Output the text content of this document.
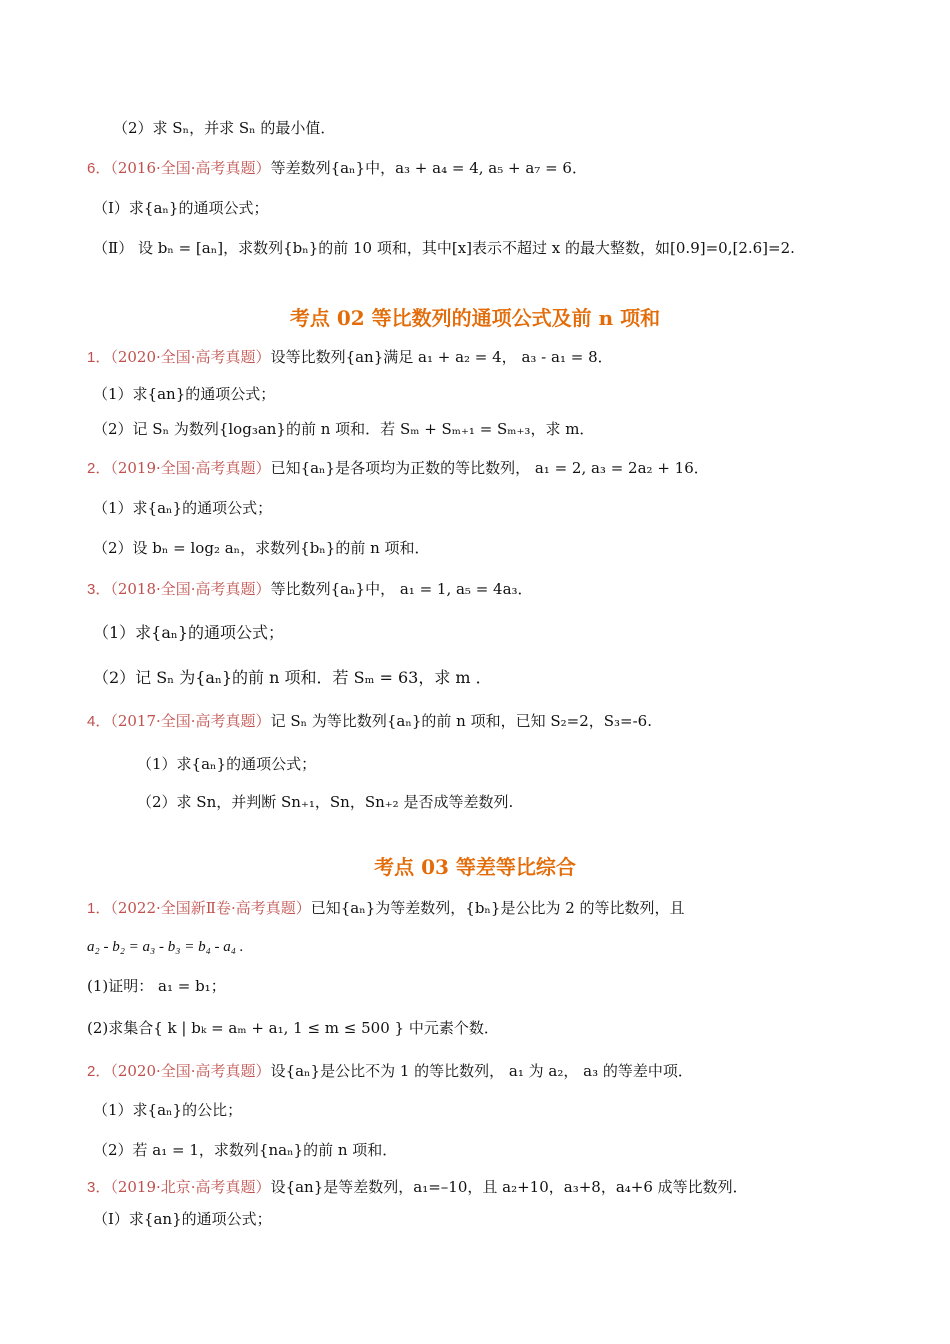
（2）求 Sₙ，并求 Sₙ 的最小值．
6．（2016·全国·高考真题）等差数列{aₙ}中，a₃ + a₄ = 4, a₅ + a₇ = 6．
（Ⅰ）求{aₙ}的通项公式；
（Ⅱ） 设 bₙ = [aₙ]，求数列{bₙ}的前 10 项和，其中[x]表示不超过 x 的最大整数，如[0.9]=0,[2.6]=2.
考点 02 等比数列的通项公式及前 n 项和
1．（2020·全国·高考真题）设等比数列{an}满足 a₁ + a₂ = 4， a₃ - a₁ = 8．
（1）求{an}的通项公式；
（2）记 Sₙ 为数列{log₃an}的前 n 项和．若 Sₘ + Sₘ₊₁ = Sₘ₊₃，求 m．
2．（2019·全国·高考真题）已知{aₙ}是各项均为正数的等比数列， a₁ = 2, a₃ = 2a₂ + 16．
（1）求{aₙ}的通项公式；
（2）设 bₙ = log₂ aₙ，求数列{bₙ}的前 n 项和．
3．（2018·全国·高考真题）等比数列{aₙ}中， a₁ = 1, a₅ = 4a₃．
（1）求{aₙ}的通项公式；
（2）记 Sₙ 为{aₙ}的前 n 项和．若 Sₘ = 63，求 m ．
4．（2017·全国·高考真题）记 Sₙ 为等比数列{aₙ}的前 n 项和，已知 S₂=2，S₃=-6.
（1）求{aₙ}的通项公式；
（2）求 Sn，并判断 Sn₊₁，Sn，Sn₊₂ 是否成等差数列.
考点 03 等差等比综合
1．（2022·全国新Ⅱ卷·高考真题）已知{aₙ}为等差数列，{bₙ}是公比为 2 的等比数列，且
a₂ - b₂ = a₃ - b₃ = b₄ - a₄ .
(1)证明： a₁ = b₁；
(2)求集合{ k | bₖ = aₘ + a₁, 1 ≤ m ≤ 500 } 中元素个数．
2．（2020·全国·高考真题）设{aₙ}是公比不为 1 的等比数列， a₁ 为 a₂， a₃ 的等差中项．
（1）求{aₙ}的公比；
（2）若 a₁ = 1，求数列{naₙ}的前 n 项和．
3．（2019·北京·高考真题）设{an}是等差数列，a₁=–10，且 a₂+10，a₃+8，a₄+6 成等比数列．
（Ⅰ）求{an}的通项公式；
